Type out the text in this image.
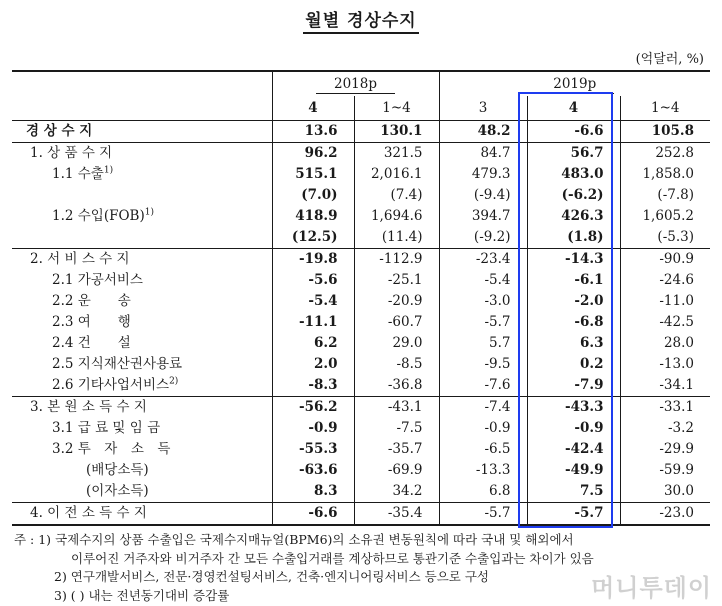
월별 경상수지
(억달러, %)
	2018p		2019p		
	4	1~4	3	4	1~4
경 상 수 지	13.6	130.1	48.2	-6.6	105.8
1. 상 품 수 지	96.2	321.5	84.7	56.7	252.8
1.1 수출$^{1)}$	515.1	2,016.1	479.3	483.0	1,858.0
	(7.0)	(7.4)	(-9.4)	(-6.2)	(-7.8)
1.2 수입(FOB)$^{1)}$	418.9	1,694.6	394.7	426.3	1,605.2
	(12.5)	(11.4)	(-9.2)	(1.8)	(-5.3)
2. 서 비 스 수 지	-19.8	-112.9	-23.4	-14.3	-90.9
2.1 가공서비스	-5.6	-25.1	-5.4	-6.1	-24.6
2.2 운　　송	-5.4	-20.9	-3.0	-2.0	-11.0
2.3 여　　행	-11.1	-60.7	-5.7	-6.8	-42.5
2.4 건　　설	6.2	29.0	5.7	6.3	28.0
2.5 지식재산권사용료	2.0	-8.5	-9.5	0.2	-13.0
2.6 기타사업서비스$^{2)}$	-8.3	-36.8	-7.6	-7.9	-34.1
3. 본 원 소 득 수 지	-56.2	-43.1	-7.4	-43.3	-33.1
3.1 급 료 및 임 금	-0.9	-7.5	-0.9	-0.9	-3.2
3.2 투　자　소　득	-55.3	-35.7	-6.5	-42.4	-29.9
(배당소득)	-63.6	-69.9	-13.3	-49.9	-59.9
(이자소득)	8.3	34.2	6.8	7.5	30.0
4. 이 전 소 득 수 지	-6.6	-35.4	-5.7	-5.7	-23.0
주 : 1) 국제수지의 상품 수출입은 국제수지매뉴얼(BPM6)의 소유권 변동원칙에 따라 국내 및 해외에서
이루어진 거주자와 비거주자 간 모든 수출입거래를 계상하므로 통관기준 수출입과는 차이가 있음
2) 연구개발서비스, 전문·경영컨설팅서비스, 건축·엔지니어링서비스 등으로 구성
3) ( ) 내는 전년동기대비 증감률	머니투데이
